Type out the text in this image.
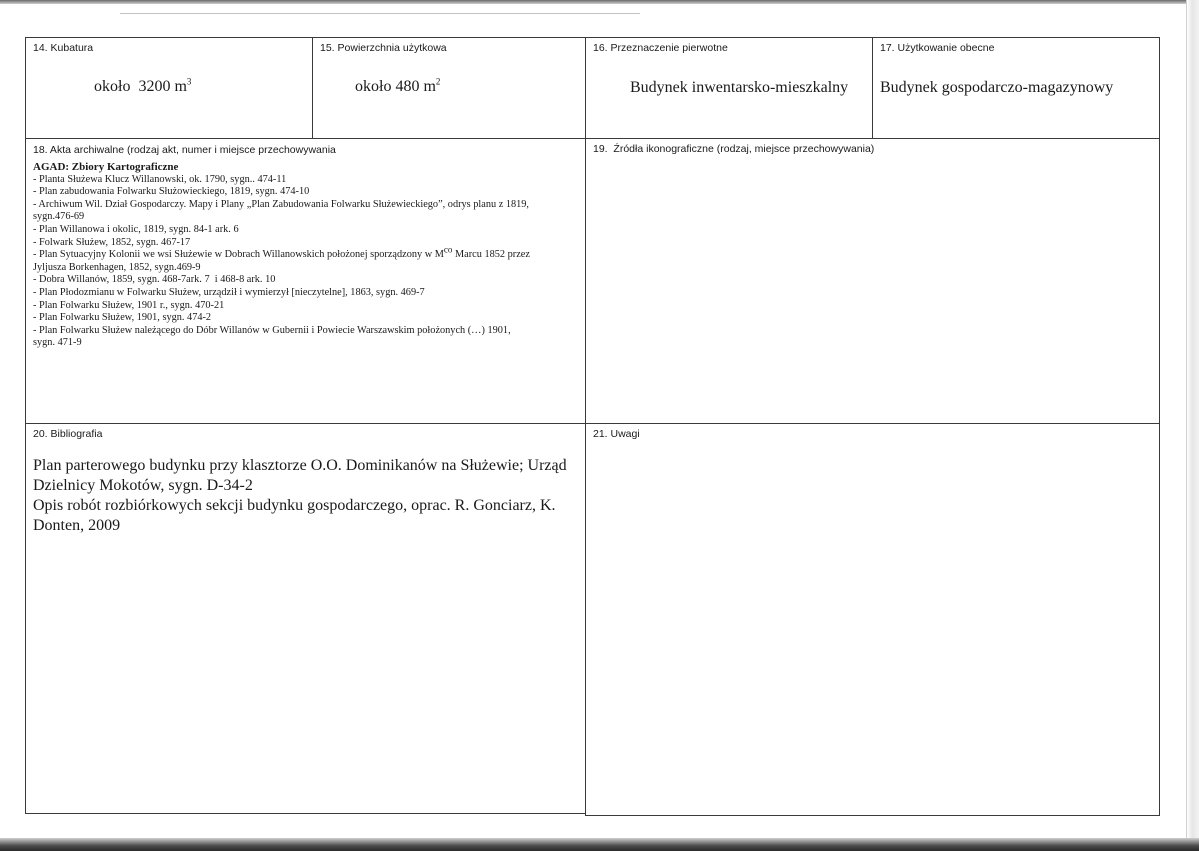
14. Kubatura
około  3200 $m^3$
15. Powierzchnia użytkowa
około 480 $m^2$
16. Przeznaczenie pierwotne
Budynek inwentarsko-mieszkalny
17. Użytkowanie obecne
Budynek gospodarczo-magazynowy
18. Akta archiwalne (rodzaj akt, numer i miejsce przechowywania
AGAD: Zbiory Kartograficzne
- Planta Służewa Klucz Willanowski, ok. 1790, sygn.. 474-11
- Plan zabudowania Folwarku Służowieckiego, 1819, sygn. 474-10
- Archiwum Wil. Dział Gospodarczy. Mapy i Plany „Plan Zabudowania Folwarku Służewieckiego”, odrys planu z 1819,
sygn.476-69
- Plan Willanowa i okolic, 1819, sygn. 84-1 ark. 6
- Folwark Służew, 1852, sygn. 467-17
- Plan Sytuacyjny Kolonii we wsi Służewie w Dobrach Willanowskich położonej sporządzony w $M^{co}$ Marcu 1852 przez
Jyljusza Borkenhagen, 1852, sygn.469-9
- Dobra Willanów, 1859, sygn. 468-7ark. 7  i 468-8 ark. 10
- Plan Płodozmianu w Folwarku Służew, urządził i wymierzył [nieczytelne], 1863, sygn. 469-7
- Plan Folwarku Służew, 1901 r., sygn. 470-21
- Plan Folwarku Służew, 1901, sygn. 474-2
- Plan Folwarku Służew należącego do Dóbr Willanów w Gubernii i Powiecie Warszawskim położonych (…) 1901,
sygn. 471-9
19.  Źródła ikonograficzne (rodzaj, miejsce przechowywania)
20. Bibliografia
Plan parterowego budynku przy klasztorze O.O. Dominikanów na Służewie; Urząd
Dzielnicy Mokotów, sygn. D-34-2
Opis robót rozbiórkowych sekcji budynku gospodarczego, oprac. R. Gonciarz, K.
Donten, 2009
21. Uwagi
